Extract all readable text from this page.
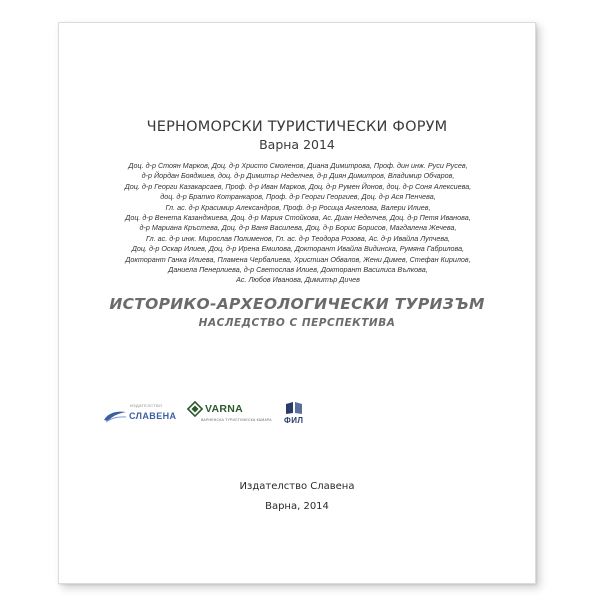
ЧЕРНОМОРСКИ ТУРИСТИЧЕСКИ ФОРУМ
Варна 2014
Доц. д-р Стоян Марков, Доц. д-р Христо Смоленов, Диана Димитрова, Проф. дин инж. Руси Русев,
д-р Йордан Бояджиев, доц. д-р Димитър Неделчев, д-р Диян Димитров, Владимир Обчаров,
Доц. д-р Георги Казакарсаев, Проф. д-р Иван Марков, Доц. д-р Румен Йонов, доц. д-р Соня Алексиева,
доц. д-р Братко Котранкаров, Проф. д-р Георги Георгиев, Доц. д-р Ася Пенчева,
Гл. ас. д-р Красимир Александров, Проф. д-р Росица Ангелова, Валери Илиев,
Доц. д-р Венета Казанджиева, Доц. д-р Мария Стойкова, Ас. Диан Неделчев, Доц. д-р Петя Иванова,
д-р Мариана Кръстева, Доц. д-р Ваня Василева, Доц. д-р Борис Борисов, Магдалена Жечева,
Гл. ас. д-р инж. Мирослав Полименов, Гл. ас. д-р Теодора Розова, Ас. д-р Ивайла Лупчева,
Доц. д-р Оскар Илиев, Доц. д-р Ирена Емилова, Докторант Ивайла Видинска, Румяна Габрилова,
Докторант Ганка Илиева, Пламена Чербалиева, Христиан Обвалов, Жени Димев, Стефан Кирилов,
Даниела Пенерлиева, д-р Светослав Илиев, Докторант Василиса Вълкова,
Ас. Любов Иванова, Димитър Дичев
ИСТОРИКО-АРХЕОЛОГИЧЕСКИ ТУРИЗЪМ
НАСЛЕДСТВО С ПЕРСПЕКТИВА
ИЗДАТЕЛСТВО
СЛАВЕНА
VARNA
ВАРНЕНСКА ТУРИСТИЧЕСКА КАМАРА ФИЛ
Издателство Славена
Варна, 2014
